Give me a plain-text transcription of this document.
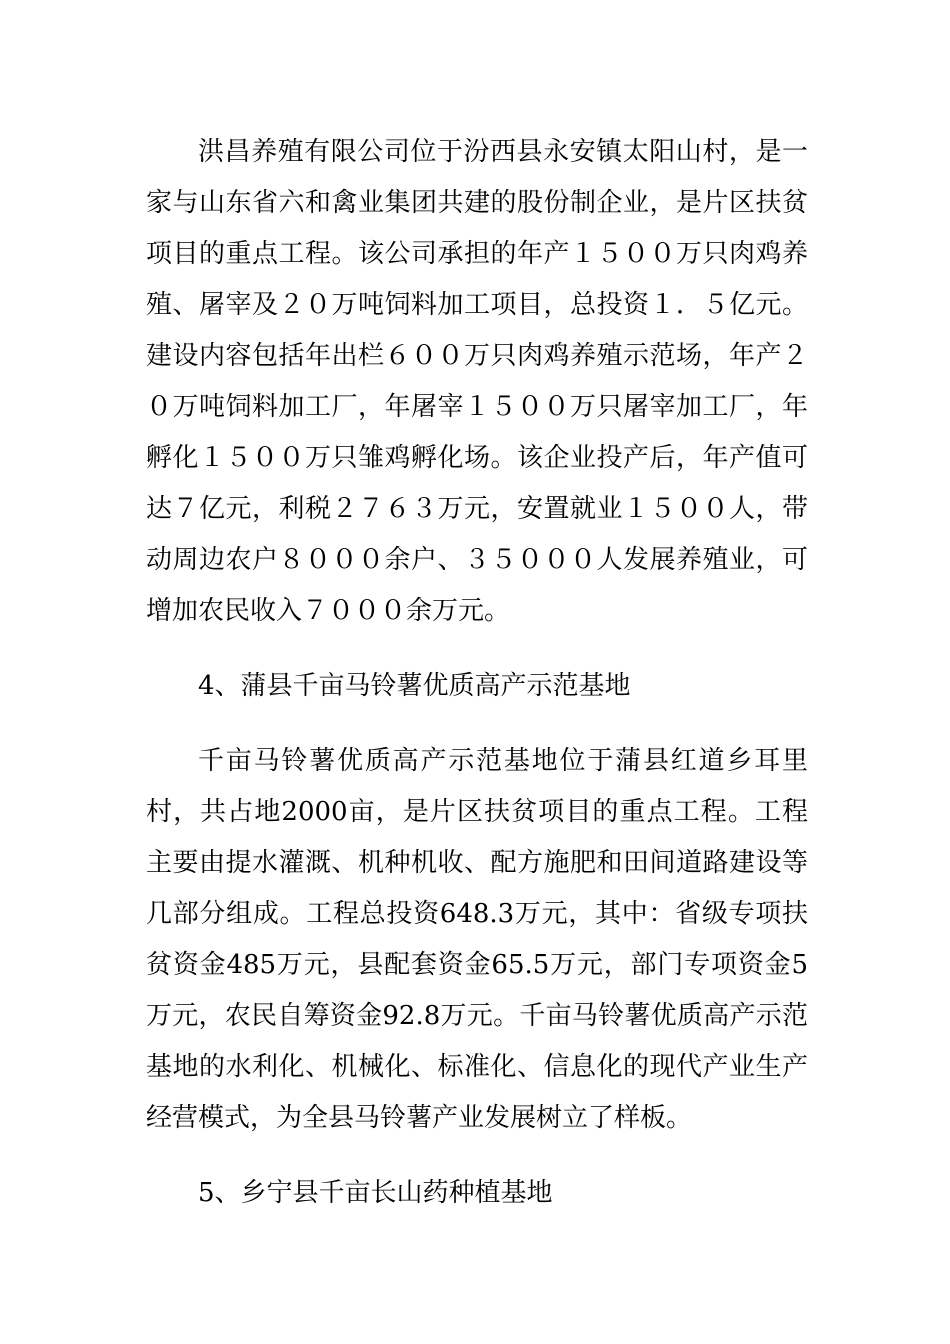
洪昌养殖有限公司位于汾西县永安镇太阳山村，是一家与山东省六和禽业集团共建的股份制企业，是片区扶贫项目的重点工程。该公司承担的年产１５００万只肉鸡养殖、屠宰及２０万吨饲料加工项目，总投资１．５亿元。建设内容包括年出栏６００万只肉鸡养殖示范场，年产２０万吨饲料加工厂，年屠宰１５００万只屠宰加工厂，年孵化１５００万只雏鸡孵化场。该企业投产后，年产值可达７亿元，利税２７６３万元，安置就业１５００人，带动周边农户８０００余户、３５０００人发展养殖业，可增加农民收入７０００余万元。

4、蒲县千亩马铃薯优质高产示范基地

千亩马铃薯优质高产示范基地位于蒲县红道乡耳里村，共占地2000亩，是片区扶贫项目的重点工程。工程主要由提水灌溉、机种机收、配方施肥和田间道路建设等几部分组成。工程总投资648.3万元，其中：省级专项扶贫资金485万元，县配套资金65.5万元，部门专项资金5万元，农民自筹资金92.8万元。千亩马铃薯优质高产示范基地的水利化、机械化、标准化、信息化的现代产业生产经营模式，为全县马铃薯产业发展树立了样板。

5、乡宁县千亩长山药种植基地
